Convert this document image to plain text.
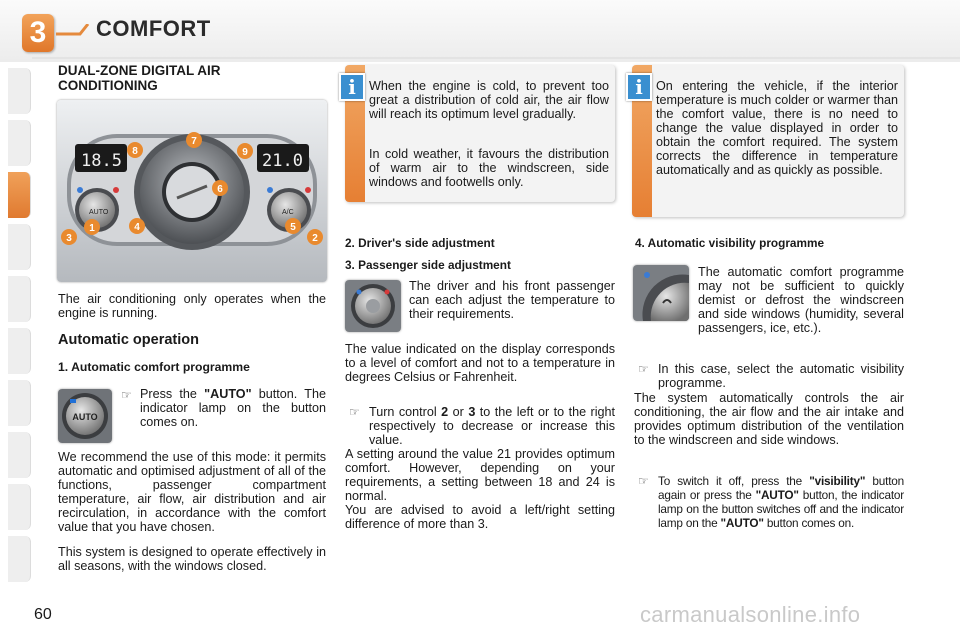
3	COMFORT
DUAL-ZONE DIGITAL AIR CONDITIONING
18.5	21.0
AUTO	A/C
1
2
3
4	5
6
7
8	9
The air conditioning only operates when the engine is running.
Automatic operation
1. Automatic comfort programme
AUTO
☞ Press the "AUTO" button. The indicator lamp on the button comes on.
We recommend the use of this mode: it permits automatic and optimised adjustment of all of the functions, passenger compartment temperature, air flow, air distribution and air recirculation, in accordance with the comfort value that you have chosen.
This system is designed to operate effectively in all seasons, with the windows closed.
When the engine is cold, to prevent too great a distribution of cold air, the air flow will reach its optimum level gradually.
In cold weather, it favours the distribution of warm air to the windscreen, side windows and footwells only.
i	On entering the vehicle, if the interior temperature is much colder or warmer than the comfort value, there is no need to change the value displayed in order to obtain the comfort required. The system corrects the difference in temperature automatically and as quickly as possible.
i
2. Driver's side adjustment
3. Passenger side adjustment
The driver and his front passenger can each adjust the temperature to their requirements.
The value indicated on the display corresponds to a level of comfort and not to a temperature in degrees Celsius or Fahrenheit.
☞ Turn control 2 or 3 to the left or to the right respectively to decrease or increase this value.
A setting around the value 21 provides optimum comfort. However, depending on your requirements, a setting between 18 and 24 is normal.
You are advised to avoid a left/right setting difference of more than 3.
4. Automatic visibility programme
The automatic comfort programme may not be sufficient to quickly demist or defrost the windscreen and side windows (humidity, several passengers, ice, etc.).
☞ In this case, select the automatic visibility programme.
The system automatically controls the air conditioning, the air flow and the air intake and provides optimum distribution of the ventilation to the windscreen and side windows.
☞ To switch it off, press the "visibility" button again or press the "AUTO" button, the indicator lamp on the button switches off and the indicator lamp on the "AUTO" button comes on.
60	carmanualsonline.info
